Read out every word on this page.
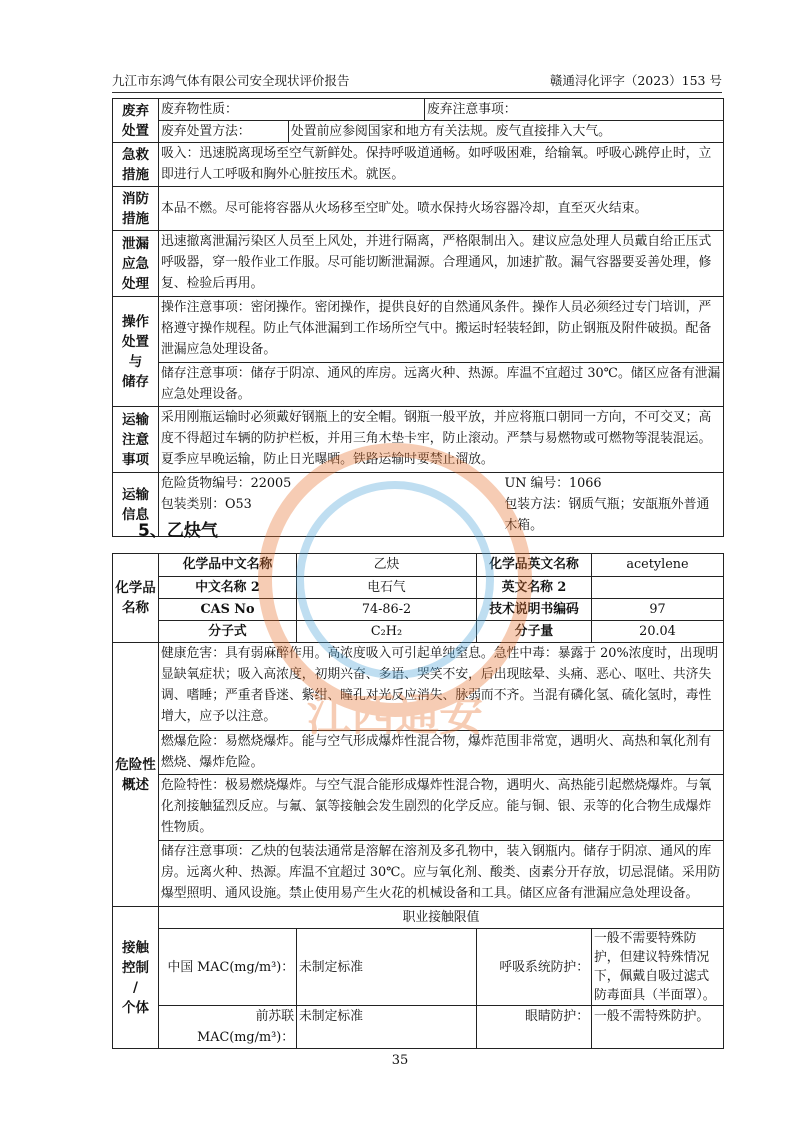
九江市东鸿气体有限公司安全现状评价报告	赣通浔化评字（2023）153 号
废弃
处置	废弃物性质：		废弃注意事项：
	废弃处置方法：	处置前应参阅国家和地方有关法规。废气直接排入大气。	
急救
措施	吸入：迅速脱离现场至空气新鲜处。保持呼吸道通畅。如呼吸困难，给输氧。呼吸心跳停止时，立即进行人工呼吸和胸外心脏按压术。就医。		
消防
措施	本品不燃。尽可能将容器从火场移至空旷处。喷水保持火场容器冷却，直至灭火结束。		
泄漏
应急
处理	迅速撤离泄漏污染区人员至上风处，并进行隔离，严格限制出入。建议应急处理人员戴自给正压式呼吸器，穿一般作业工作服。尽可能切断泄漏源。合理通风，加速扩散。漏气容器要妥善处理，修复、检验后再用。		
操作
处置
与
储存	操作注意事项：密闭操作。密闭操作，提供良好的自然通风条件。操作人员必须经过专门培训，严格遵守操作规程。防止气体泄漏到工作场所空气中。搬运时轻装轻卸，防止钢瓶及附件破损。配备泄漏应急处理设备。		
	储存注意事项：储存于阴凉、通风的库房。远离火种、热源。库温不宜超过 30℃。储区应备有泄漏应急处理设备。		
运输
注意
事项	采用刚瓶运输时必须戴好钢瓶上的安全帽。钢瓶一般平放，并应将瓶口朝同一方向，不可交叉；高度不得超过车辆的防护栏板，并用三角木垫卡牢，防止滚动。严禁与易燃物或可燃物等混装混运。夏季应早晚运输，防止日光曝晒。铁路运输时要禁止溜放。		
运输
信息	危险货物编号：22005		UN 编号：1066
	包装类别：O53		包装方法：钢质气瓶；安瓿瓶外普通木箱。
5、乙炔气
化学品
名称	化学品中文名称	乙炔	化学品英文名称	acetylene
	中文名称 2	电石气	英文名称 2	
	CAS No	74-86-2	技术说明书编码	97
	分子式	C₂H₂	分子量	20.04
危险性
概述	健康危害：具有弱麻醉作用。高浓度吸入可引起单纯窒息。急性中毒：暴露于 20%浓度时，出现明显缺氧症状；吸入高浓度，初期兴奋、多语、哭笑不安，后出现眩晕、头痛、恶心、呕吐、共济失调、嗜睡；严重者昏迷、紫绀、瞳孔对光反应消失、脉弱而不齐。当混有磷化氢、硫化氢时，毒性增大，应予以注意。			
	燃爆危险：易燃烧爆炸。能与空气形成爆炸性混合物，爆炸范围非常宽，遇明火、高热和氧化剂有燃烧、爆炸危险。			
	危险特性：极易燃烧爆炸。与空气混合能形成爆炸性混合物，遇明火、高热能引起燃烧爆炸。与氧化剂接触猛烈反应。与氟、氯等接触会发生剧烈的化学反应。能与铜、银、汞等的化合物生成爆炸性物质。			
	储存注意事项：乙炔的包装法通常是溶解在溶剂及多孔物中，装入钢瓶内。储存于阴凉、通风的库房。远离火种、热源。库温不宜超过 30℃。应与氧化剂、酸类、卤素分开存放，切忌混储。采用防爆型照明、通风设施。禁止使用易产生火花的机械设备和工具。储区应备有泄漏应急处理设备。			
接触
控制
/
个体	职业接触限值			
	中国 MAC(mg/m³)：	未制定标准	呼吸系统防护：	一般不需要特殊防护，但建议特殊情况下，佩戴自吸过滤式防毒面具（半面罩）。
	前苏联 MAC(mg/m³)：	未制定标准	眼睛防护：	一般不需特殊防护。
江西通安
35
